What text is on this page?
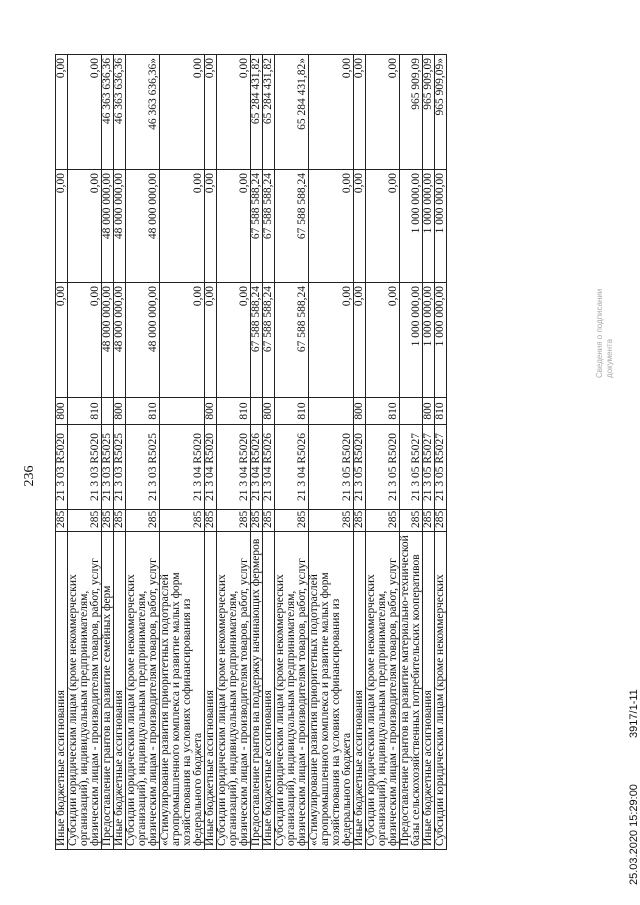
236
Иные бюджетные ассигнования	285	21 3 03 R5020	800	0,00	0,00	0,00
Субсидии юридическим лицам (кроме некоммерческих организаций), индивидуальным предпринимателям, физическим лицам - производителям товаров, работ, услуг	285	21 3 03 R5020	810	0,00	0,00	0,00
Предоставление грантов на развитие семейных ферм	285	21 3 03 R5025		48 000 000,00	48 000 000,00	46 363 636,36
Иные бюджетные ассигнования	285	21 3 03 R5025	800	48 000 000,00	48 000 000,00	46 363 636,36
Субсидии юридическим лицам (кроме некоммерческих организаций), индивидуальным предпринимателям, физическим лицам - производителям товаров, работ, услуг	285	21 3 03 R5025	810	48 000 000,00	48 000 000,00	46 363 636,36»
«Стимулирование развития приоритетных подотраслей агропромышленного комплекса и развитие малых форм хозяйствования на условиях софинансирования из федерального бюджета	285	21 3 04 R5020		0,00	0,00	0,00
Иные бюджетные ассигнования	285	21 3 04 R5020	800	0,00	0,00	0,00
Субсидии юридическим лицам (кроме некоммерческих организаций), индивидуальным предпринимателям, физическим лицам - производителям товаров, работ, услуг	285	21 3 04 R5020	810	0,00	0,00	0,00
Предоставление грантов на поддержку начинающих фермеров	285	21 3 04 R5026		67 588 588,24	67 588 588,24	65 284 431,82
Иные бюджетные ассигнования	285	21 3 04 R5026	800	67 588 588,24	67 588 588,24	65 284 431,82
Субсидии юридическим лицам (кроме некоммерческих организаций), индивидуальным предпринимателям, физическим лицам - производителям товаров, работ, услуг	285	21 3 04 R5026	810	67 588 588,24	67 588 588,24	65 284 431,82»
«Стимулирование развития приоритетных подотраслей агропромышленного комплекса и развитие малых форм хозяйствования на условиях софинансирования из федерального бюджета	285	21 3 05 R5020		0,00	0,00	0,00
Иные бюджетные ассигнования	285	21 3 05 R5020	800	0,00	0,00	0,00
Субсидии юридическим лицам (кроме некоммерческих организаций), индивидуальным предпринимателям, физическим лицам - производителям товаров, работ, услуг	285	21 3 05 R5020	810	0,00	0,00	0,00
Предоставление грантов на развитие материально-технической базы сельскохозяйственных потребительских кооперативов	285	21 3 05 R5027		1 000 000,00	1 000 000,00	965 909,09
Иные бюджетные ассигнования	285	21 3 05 R5027	800	1 000 000,00	1 000 000,00	965 909,09
Субсидии юридическим лицам (кроме некоммерческих	285	21 3 05 R5027	810	1 000 000,00	1 000 000,00	965 909,09»
Сведения о подписании документа
25.03.2020 15:29:00  3917/1-11
